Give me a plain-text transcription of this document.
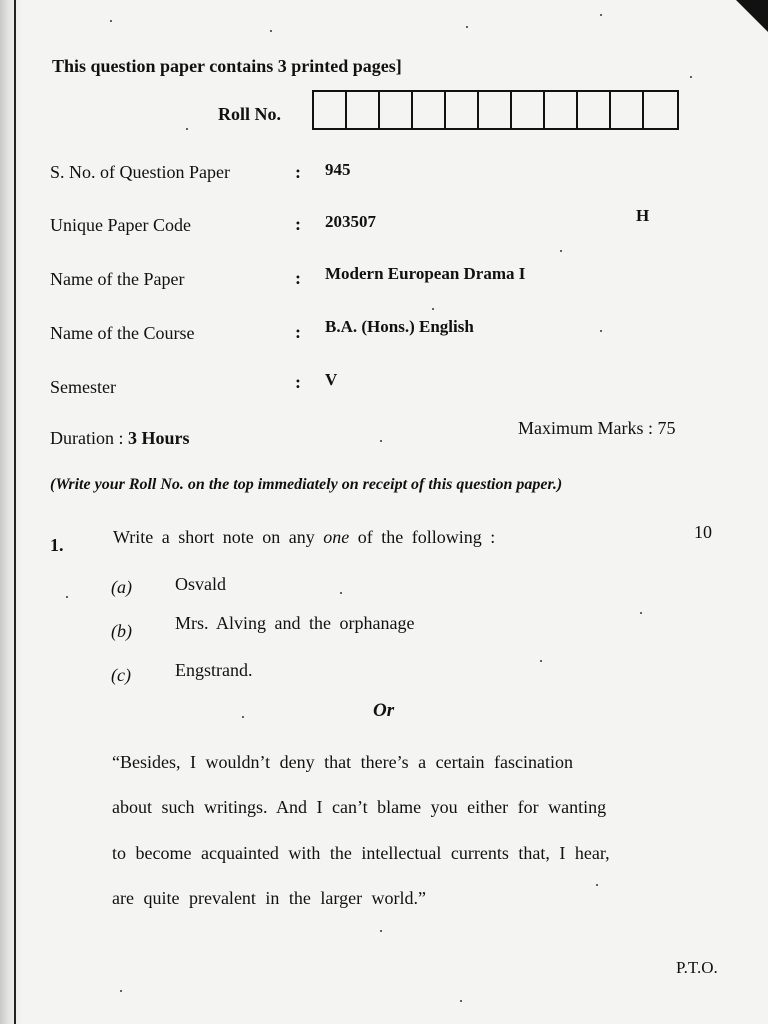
This question paper contains 3 printed pages]
Roll No.
S. No. of Question Paper	: 945
Unique Paper Code	: 203507	H
Name of the Paper	: Modern European Drama I
Name of the Course	: B.A. (Hons.) English
Semester	: V
Duration : 3 Hours	Maximum Marks : 75
(Write your Roll No. on the top immediately on receipt of this question paper.)
1.	Write a short note on any one of the following :	10
(a) Osvald
(b) Mrs. Alving and the orphanage
(c) Engstrand.
Or
“Besides, I wouldn’t deny that there’s a certain fascination
about such writings. And I can’t blame you either for wanting
to become acquainted with the intellectual currents that, I hear,
are quite prevalent in the larger world.”
P.T.O.
